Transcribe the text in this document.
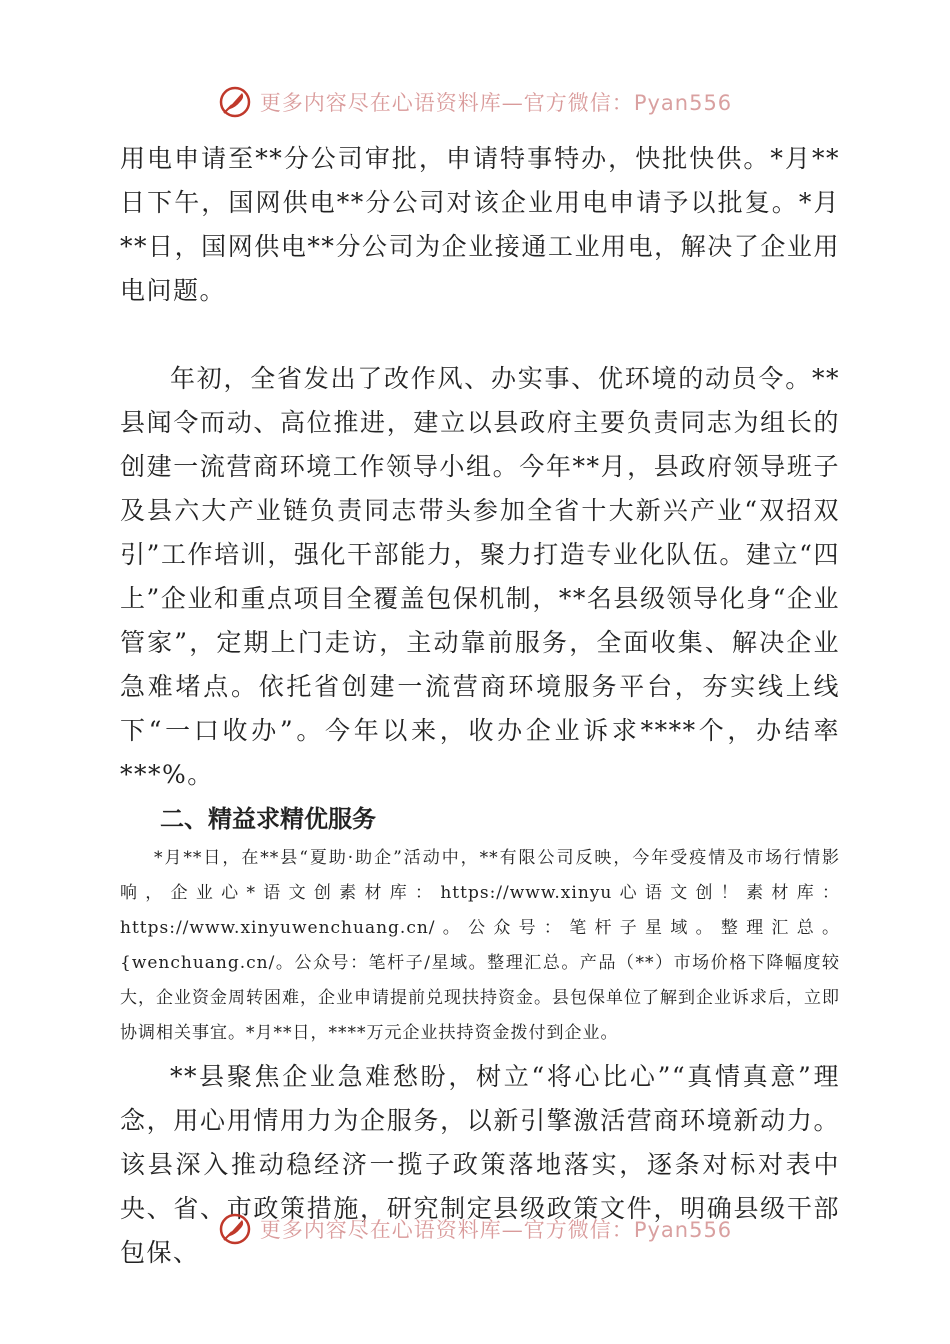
更多内容尽在心语资料库—官方微信：Pyan556

用电申请至**分公司审批，申请特事特办，快批快供。*月**日下午，国网供电**分公司对该企业用电申请予以批复。*月**日，国网供电**分公司为企业接通工业用电，解决了企业用电问题。

年初，全省发出了改作风、办实事、优环境的动员令。**县闻令而动、高位推进，建立以县政府主要负责同志为组长的创建一流营商环境工作领导小组。今年**月，县政府领导班子及县六大产业链负责同志带头参加全省十大新兴产业“双招双引”工作培训，强化干部能力，聚力打造专业化队伍。建立“四上”企业和重点项目全覆盖包保机制，**名县级领导化身“企业管家”，定期上门走访，主动靠前服务，全面收集、解决企业急难堵点。依托省创建一流营商环境服务平台，夯实线上线下“一口收办”。今年以来，收办企业诉求****个，办结率***%。

二、精益求精优服务

*月**日，在**县“夏助·助企”活动中，**有限公司反映，今年受疫情及市场行情影响，企业心*语文创素材库：https://www.xinyu心语文创！素材库：https://www.xinyuwenchuang.cn/。公众号：笔杆子星域。整理汇总。{wenchuang.cn/。公众号：笔杆子/星域。整理汇总。产品（**）市场价格下降幅度较大，企业资金周转困难，企业申请提前兑现扶持资金。县包保单位了解到企业诉求后，立即协调相关事宜。*月**日，****万元企业扶持资金拨付到企业。

**县聚焦企业急难愁盼，树立“将心比心”“真情真意”理念，用心用情用力为企服务，以新引擎激活营商环境新动力。该县深入推动稳经济一揽子政策落地落实，逐条对标对表中央、省、市政策措施，研究制定县级政策文件，明确县级干部包保、

更多内容尽在心语资料库—官方微信：Pyan556
